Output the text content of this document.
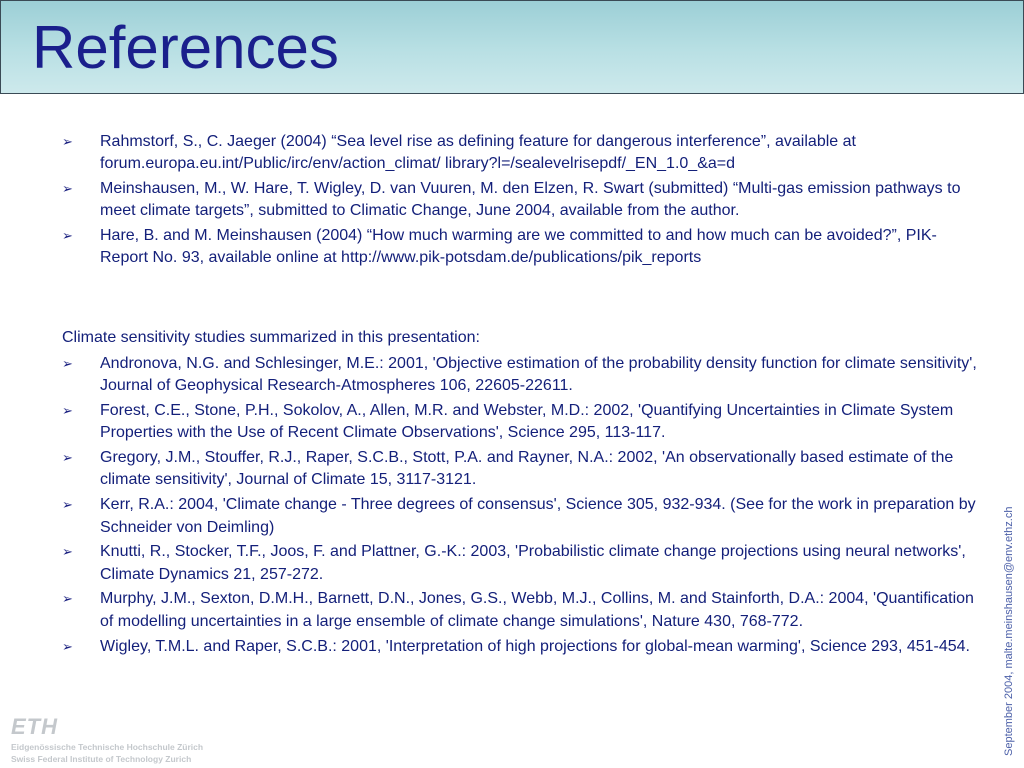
References
➢ Rahmstorf, S., C. Jaeger (2004) “Sea level rise as defining feature for dangerous interference”, available at forum.europa.eu.int/Public/irc/env/action_climat/ library?l=/sealevelrisepdf/_EN_1.0_&a=d
➢ Meinshausen, M., W. Hare, T. Wigley, D. van Vuuren, M. den Elzen, R. Swart (submitted) “Multi-gas emission pathways to meet climate targets”, submitted to Climatic Change, June 2004, available from the author.
➢ Hare, B. and M. Meinshausen (2004) “How much warming are we committed to and how much can be avoided?”, PIK-Report No. 93, available online at http://www.pik-potsdam.de/publications/pik_reports
Climate sensitivity studies summarized in this presentation:
➢ Andronova, N.G. and Schlesinger, M.E.: 2001, 'Objective estimation of the probability density function for climate sensitivity', Journal of Geophysical Research-Atmospheres 106, 22605-22611.
➢ Forest, C.E., Stone, P.H., Sokolov, A., Allen, M.R. and Webster, M.D.: 2002, 'Quantifying Uncertainties in Climate System Properties with the Use of Recent Climate Observations', Science 295, 113-117.
➢ Gregory, J.M., Stouffer, R.J., Raper, S.C.B., Stott, P.A. and Rayner, N.A.: 2002, 'An observationally based estimate of the climate sensitivity', Journal of Climate 15, 3117-3121.
➢ Kerr, R.A.: 2004, 'Climate change - Three degrees of consensus', Science 305, 932-934. (See for the work in preparation by Schneider von Deimling)
➢ Knutti, R., Stocker, T.F., Joos, F. and Plattner, G.-K.: 2003, 'Probabilistic climate change projections using neural networks', Climate Dynamics 21, 257-272.
➢ Murphy, J.M., Sexton, D.M.H., Barnett, D.N., Jones, G.S., Webb, M.J., Collins, M. and Stainforth, D.A.: 2004, 'Quantification of modelling uncertainties in a large ensemble of climate change simulations', Nature 430, 768-772.
➢ Wigley, T.M.L. and Raper, S.C.B.: 2001, 'Interpretation of high projections for global-mean warming', Science 293, 451-454.	September 2004, malte.meinshausen@env.ethz.ch
ETH
Eidgenössische Technische Hochschule Zürich
Swiss Federal Institute of Technology Zurich
